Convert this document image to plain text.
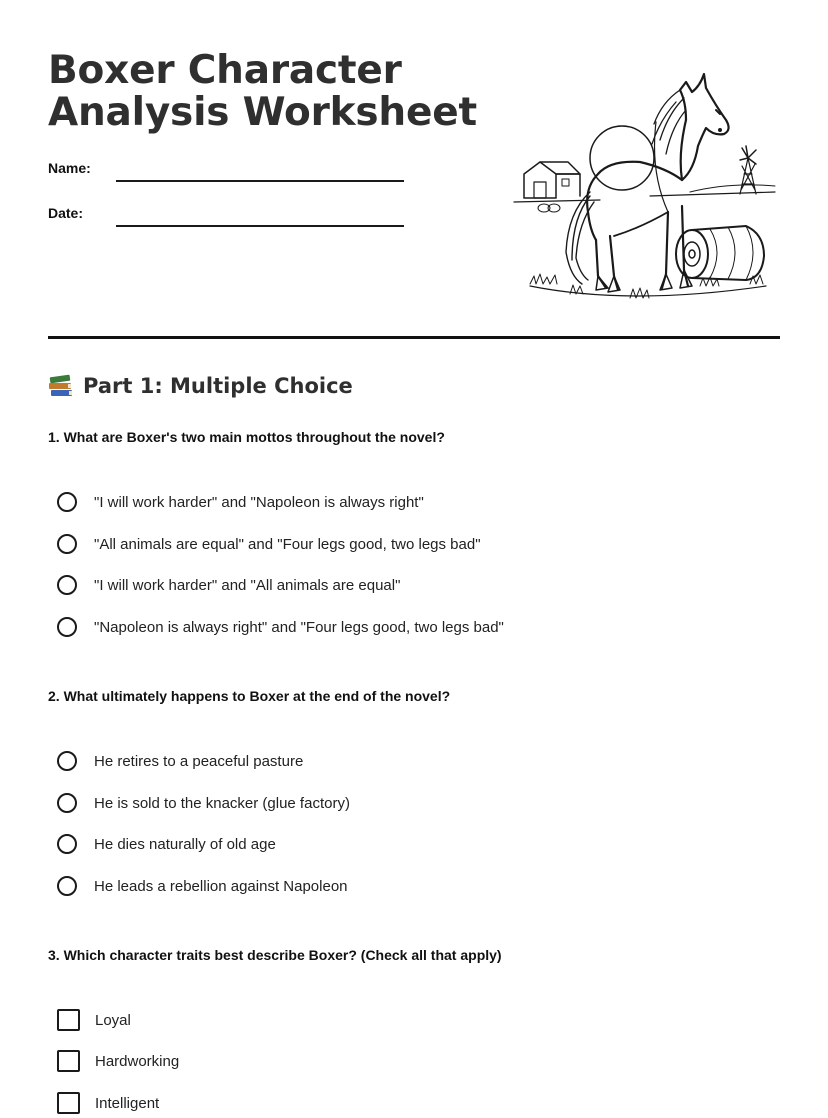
Boxer Character
Analysis Worksheet
Name:
Date:
Part 1: Multiple Choice
1. What are Boxer's two main mottos throughout the novel?
"I will work harder" and "Napoleon is always right"
"All animals are equal" and "Four legs good, two legs bad"
"I will work harder" and "All animals are equal"
"Napoleon is always right" and "Four legs good, two legs bad"
2. What ultimately happens to Boxer at the end of the novel?
He retires to a peaceful pasture
He is sold to the knacker (glue factory)
He dies naturally of old age
He leads a rebellion against Napoleon
3. Which character traits best describe Boxer? (Check all that apply)
Loyal
Hardworking
Intelligent
